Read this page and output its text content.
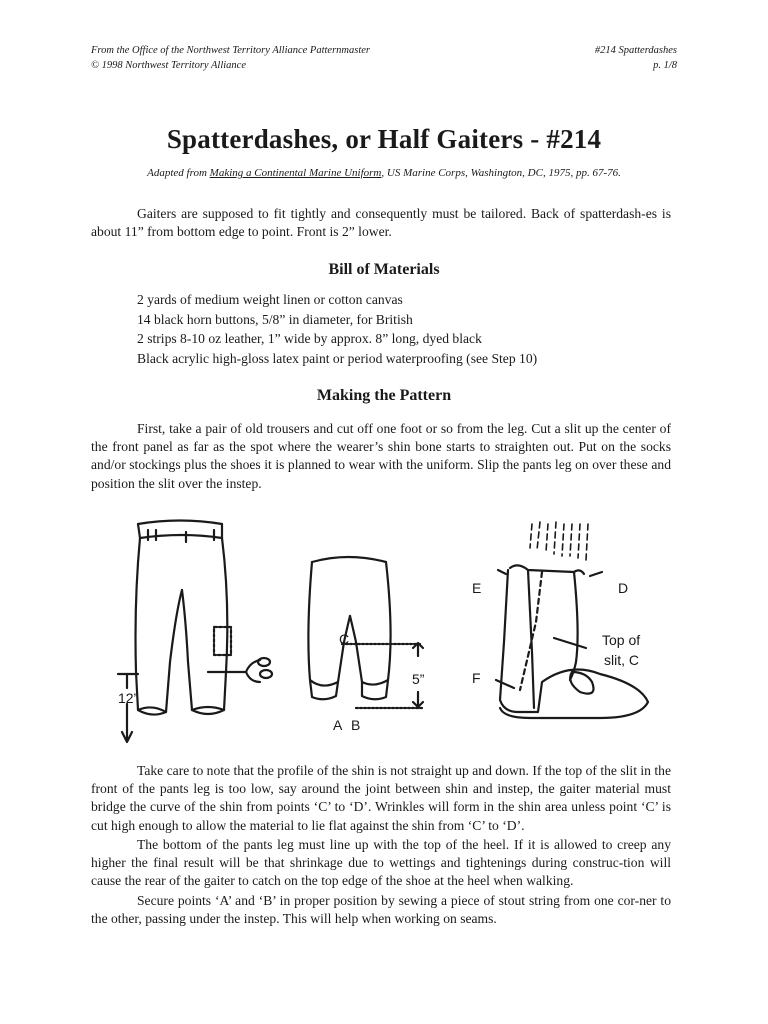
From the Office of the Northwest Territory Alliance Patternmaster
© 1998 Northwest Territory Alliance
#214 Spatterdashes
p. 1/8
Spatterdashes, or Half Gaiters - #214
Adapted from Making a Continental Marine Uniform, US Marine Corps, Washington, DC, 1975, pp. 67-76.

Gaiters are supposed to fit tightly and consequently must be tailored. Back of spatterdash-es is about 11” from bottom edge to point. Front is 2” lower.

Bill of Materials
2 yards of medium weight linen or cotton canvas
14 black horn buttons, 5/8” in diameter, for British
2 strips 8-10 oz leather, 1” wide by approx. 8” long, dyed black
Black acrylic high-gloss latex paint or period waterproofing (see Step 10)
Making the Pattern

First, take a pair of old trousers and cut off one foot or so from the leg. Cut a slit up the center of the front panel as far as the spot where the wearer’s shin bone starts to straighten out. Put on the socks and/or stockings plus the shoes it is planned to wear with the uniform. Slip the pants leg on over these and position the slit over the instep.

12”
C
5”
A B
E	D
F
Top of
slit, C

Take care to note that the profile of the shin is not straight up and down. If the top of the slit in the front of the pants leg is too low, say around the joint between shin and instep, the gaiter material must bridge the curve of the shin from points ‘C’ to ‘D’. Wrinkles will form in the shin area unless point ‘C’ is cut high enough to allow the material to lie flat against the shin from ‘C’ to ‘D’.

The bottom of the pants leg must line up with the top of the heel. If it is allowed to creep any higher the final result will be that shrinkage due to wettings and tightenings during construc-tion will cause the rear of the gaiter to catch on the top edge of the shoe at the heel when walking.

Secure points ‘A’ and ‘B’ in proper position by sewing a piece of stout string from one cor-ner to the other, passing under the instep. This will help when working on seams.
